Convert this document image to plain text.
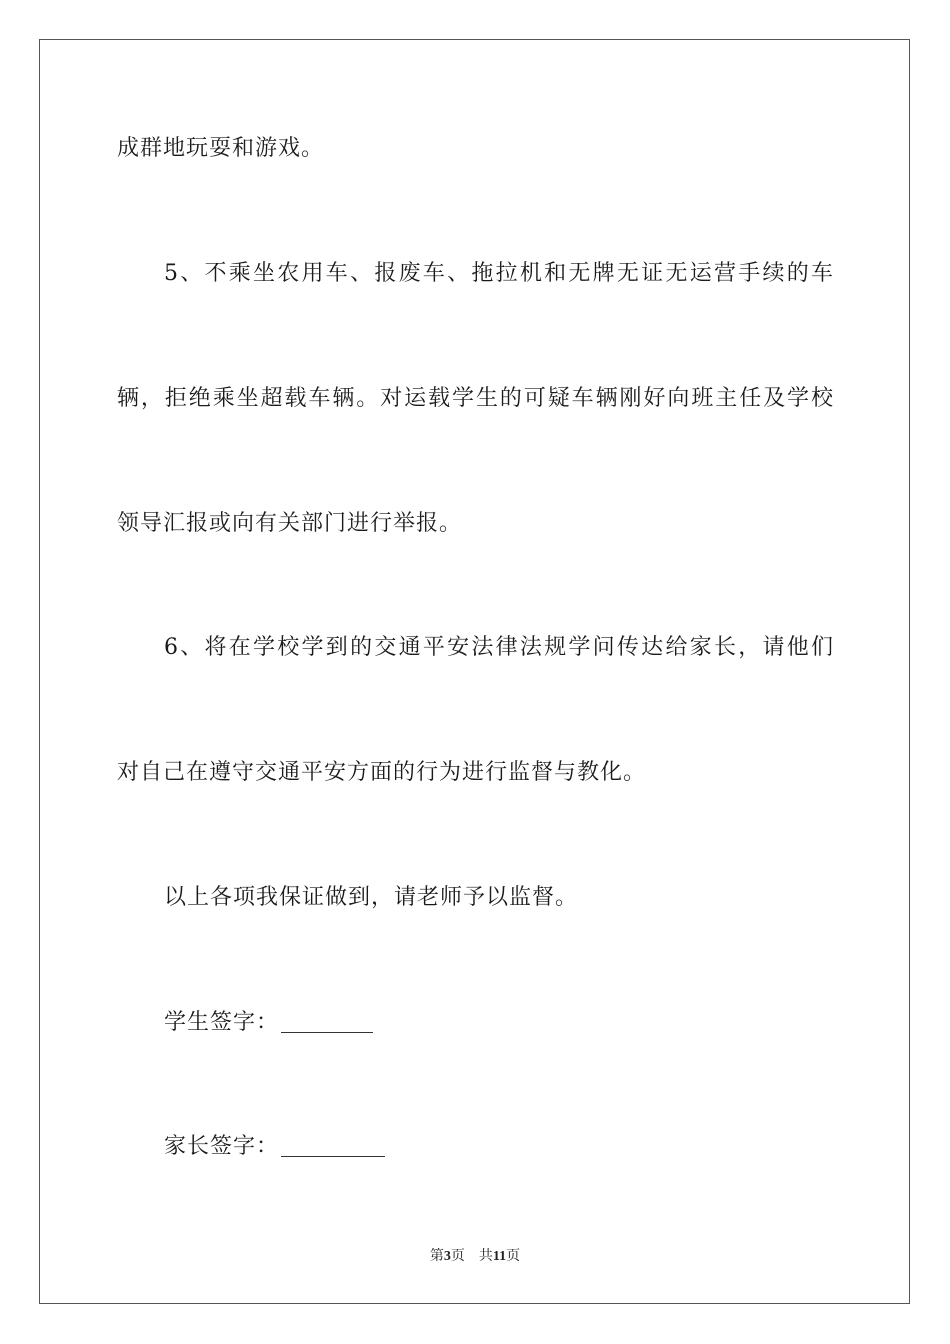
成群地玩耍和游戏。
5、不乘坐农用车、报废车、拖拉机和无牌无证无运营手续的车
辆，拒绝乘坐超载车辆。对运载学生的可疑车辆刚好向班主任及学校
领导汇报或向有关部门进行举报。
6、将在学校学到的交通平安法律法规学问传达给家长，请他们
对自己在遵守交通平安方面的行为进行监督与教化。
以上各项我保证做到，请老师予以监督。
学生签字：
家长签字：
第3页 共11页
